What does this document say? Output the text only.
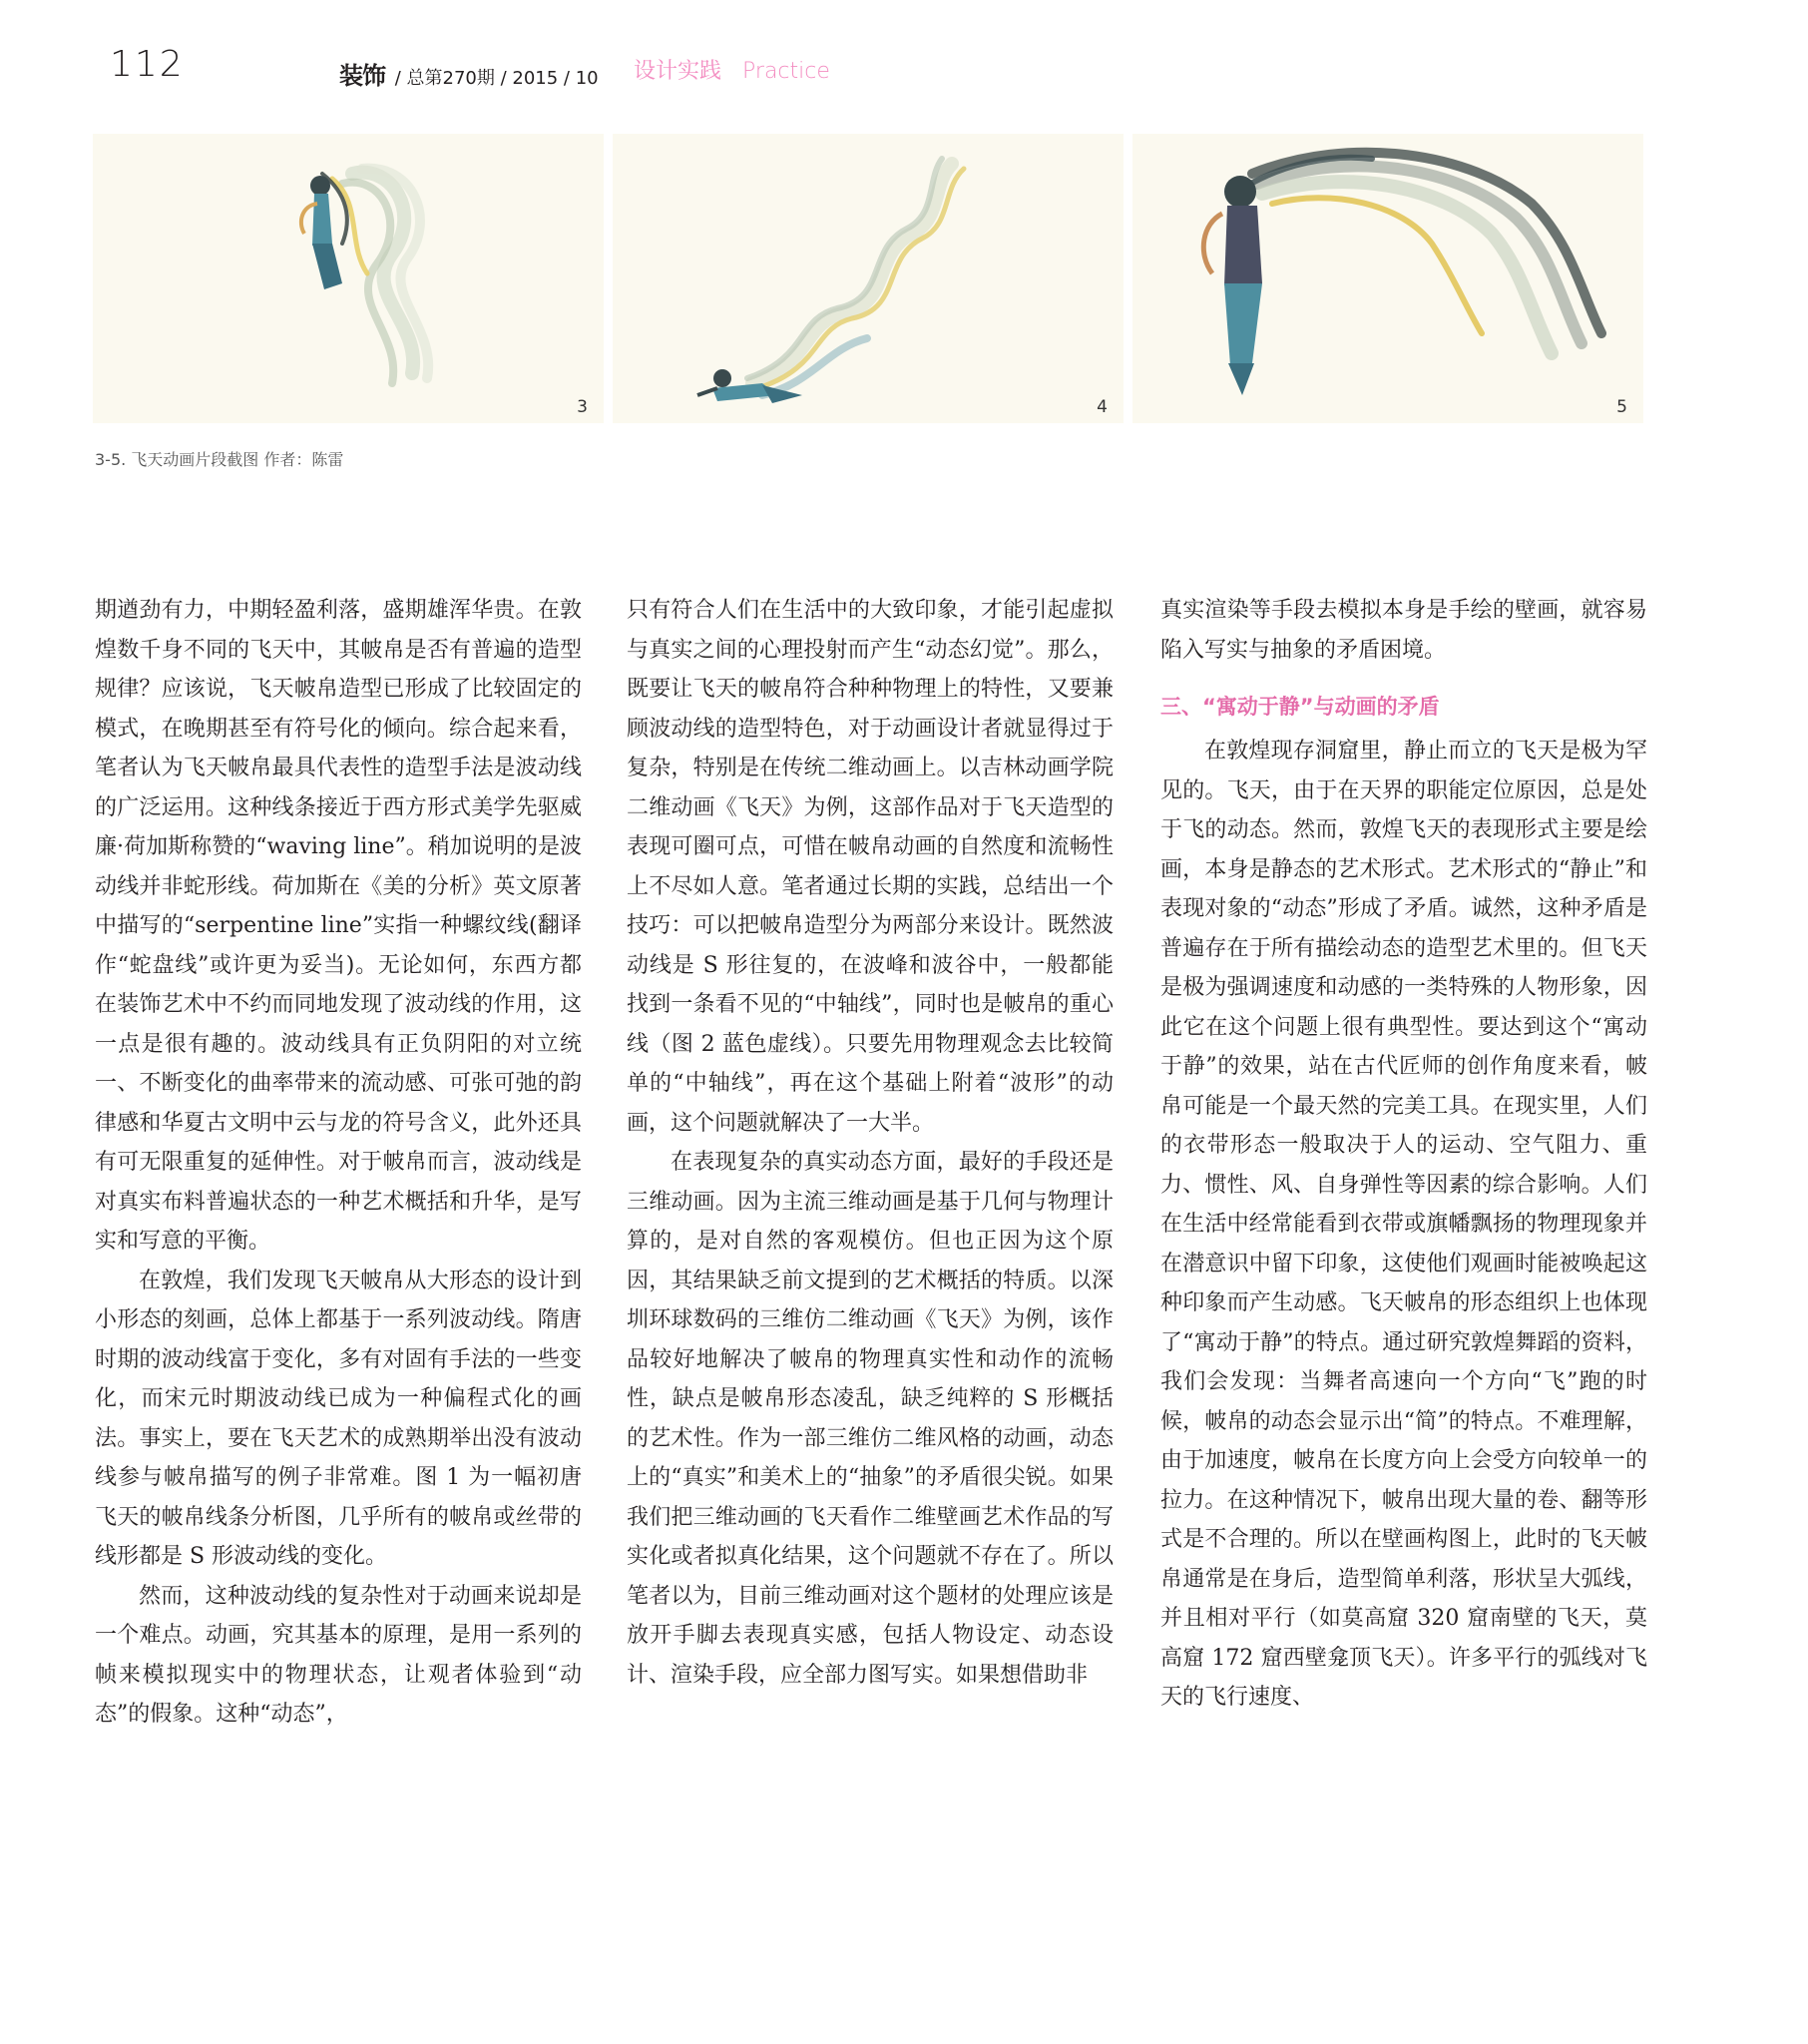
112	装饰 / 总第270期 / 2015 / 10 设计实践 Practice
3	4	5
3-5. 飞天动画片段截图 作者：陈雷

期遒劲有力，中期轻盈利落，盛期雄浑华贵。在敦煌数千身不同的飞天中，其帔帛是否有普遍的造型规律？应该说，飞天帔帛造型已形成了比较固定的模式，在晚期甚至有符号化的倾向。综合起来看，笔者认为飞天帔帛最具代表性的造型手法是波动线的广泛运用。这种线条接近于西方形式美学先驱威廉·荷加斯称赞的“waving line”。稍加说明的是波动线并非蛇形线。荷加斯在《美的分析》英文原著中描写的“serpentine line”实指一种螺纹线(翻译作“蛇盘线”或许更为妥当)。无论如何，东西方都在装饰艺术中不约而同地发现了波动线的作用，这一点是很有趣的。波动线具有正负阴阳的对立统一、不断变化的曲率带来的流动感、可张可弛的韵律感和华夏古文明中云与龙的符号含义，此外还具有可无限重复的延伸性。对于帔帛而言，波动线是对真实布料普遍状态的一种艺术概括和升华，是写实和写意的平衡。

在敦煌，我们发现飞天帔帛从大形态的设计到小形态的刻画，总体上都基于一系列波动线。隋唐时期的波动线富于变化，多有对固有手法的一些变化，而宋元时期波动线已成为一种偏程式化的画法。事实上，要在飞天艺术的成熟期举出没有波动线参与帔帛描写的例子非常难。图 1 为一幅初唐飞天的帔帛线条分析图，几乎所有的帔帛或丝带的线形都是 S 形波动线的变化。

然而，这种波动线的复杂性对于动画来说却是一个难点。动画，究其基本的原理，是用一系列的帧来模拟现实中的物理状态，让观者体验到“动态”的假象。这种“动态”，

只有符合人们在生活中的大致印象，才能引起虚拟与真实之间的心理投射而产生“动态幻觉”。那么，既要让飞天的帔帛符合种种物理上的特性，又要兼顾波动线的造型特色，对于动画设计者就显得过于复杂，特别是在传统二维动画上。以吉林动画学院二维动画《飞天》为例，这部作品对于飞天造型的表现可圈可点，可惜在帔帛动画的自然度和流畅性上不尽如人意。笔者通过长期的实践，总结出一个技巧：可以把帔帛造型分为两部分来设计。既然波动线是 S 形往复的，在波峰和波谷中，一般都能找到一条看不见的“中轴线”，同时也是帔帛的重心线（图 2 蓝色虚线）。只要先用物理观念去比较简单的“中轴线”，再在这个基础上附着“波形”的动画，这个问题就解决了一大半。

在表现复杂的真实动态方面，最好的手段还是三维动画。因为主流三维动画是基于几何与物理计算的，是对自然的客观模仿。但也正因为这个原因，其结果缺乏前文提到的艺术概括的特质。以深圳环球数码的三维仿二维动画《飞天》为例，该作品较好地解决了帔帛的物理真实性和动作的流畅性，缺点是帔帛形态凌乱，缺乏纯粹的 S 形概括的艺术性。作为一部三维仿二维风格的动画，动态上的“真实”和美术上的“抽象”的矛盾很尖锐。如果我们把三维动画的飞天看作二维壁画艺术作品的写实化或者拟真化结果，这个问题就不存在了。所以笔者以为，目前三维动画对这个题材的处理应该是放开手脚去表现真实感，包括人物设定、动态设计、渲染手段，应全部力图写实。如果想借助非

真实渲染等手段去模拟本身是手绘的壁画，就容易陷入写实与抽象的矛盾困境。

三、“寓动于静”与动画的矛盾

在敦煌现存洞窟里，静止而立的飞天是极为罕见的。飞天，由于在天界的职能定位原因，总是处于飞的动态。然而，敦煌飞天的表现形式主要是绘画，本身是静态的艺术形式。艺术形式的“静止”和表现对象的“动态”形成了矛盾。诚然，这种矛盾是普遍存在于所有描绘动态的造型艺术里的。但飞天是极为强调速度和动感的一类特殊的人物形象，因此它在这个问题上很有典型性。要达到这个“寓动于静”的效果，站在古代匠师的创作角度来看，帔帛可能是一个最天然的完美工具。在现实里，人们的衣带形态一般取决于人的运动、空气阻力、重力、惯性、风、自身弹性等因素的综合影响。人们在生活中经常能看到衣带或旗幡飘扬的物理现象并在潜意识中留下印象，这使他们观画时能被唤起这种印象而产生动感。飞天帔帛的形态组织上也体现了“寓动于静”的特点。通过研究敦煌舞蹈的资料，我们会发现：当舞者高速向一个方向“飞”跑的时候，帔帛的动态会显示出“简”的特点。不难理解，由于加速度，帔帛在长度方向上会受方向较单一的拉力。在这种情况下，帔帛出现大量的卷、翻等形式是不合理的。所以在壁画构图上，此时的飞天帔帛通常是在身后，造型简单利落，形状呈大弧线，并且相对平行（如莫高窟 320 窟南壁的飞天，莫高窟 172 窟西壁龛顶飞天）。许多平行的弧线对飞天的飞行速度、
